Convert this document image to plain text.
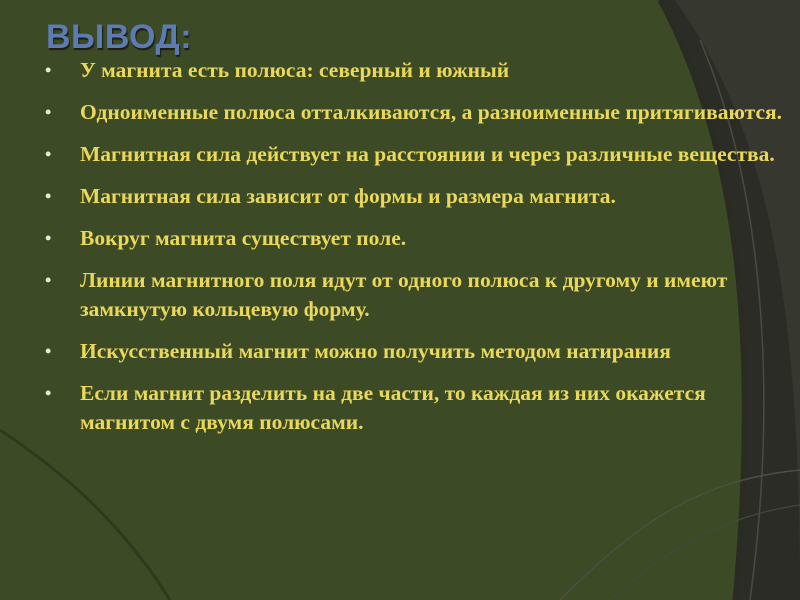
ВЫВОД:
• У магнита есть полюса: северный и южный
• Одноименные полюса отталкиваются, а разноименные притягиваются.
• Магнитная сила действует на расстоянии и через различные вещества.
• Магнитная сила зависит от формы и размера магнита.
• Вокруг магнита существует поле.
• Линии магнитного поля идут от одного полюса к другому и имеют замкнутую кольцевую форму.
• Искусственный магнит можно получить методом натирания
• Если магнит разделить на две части, то каждая из них окажется магнитом с двумя полюсами.
